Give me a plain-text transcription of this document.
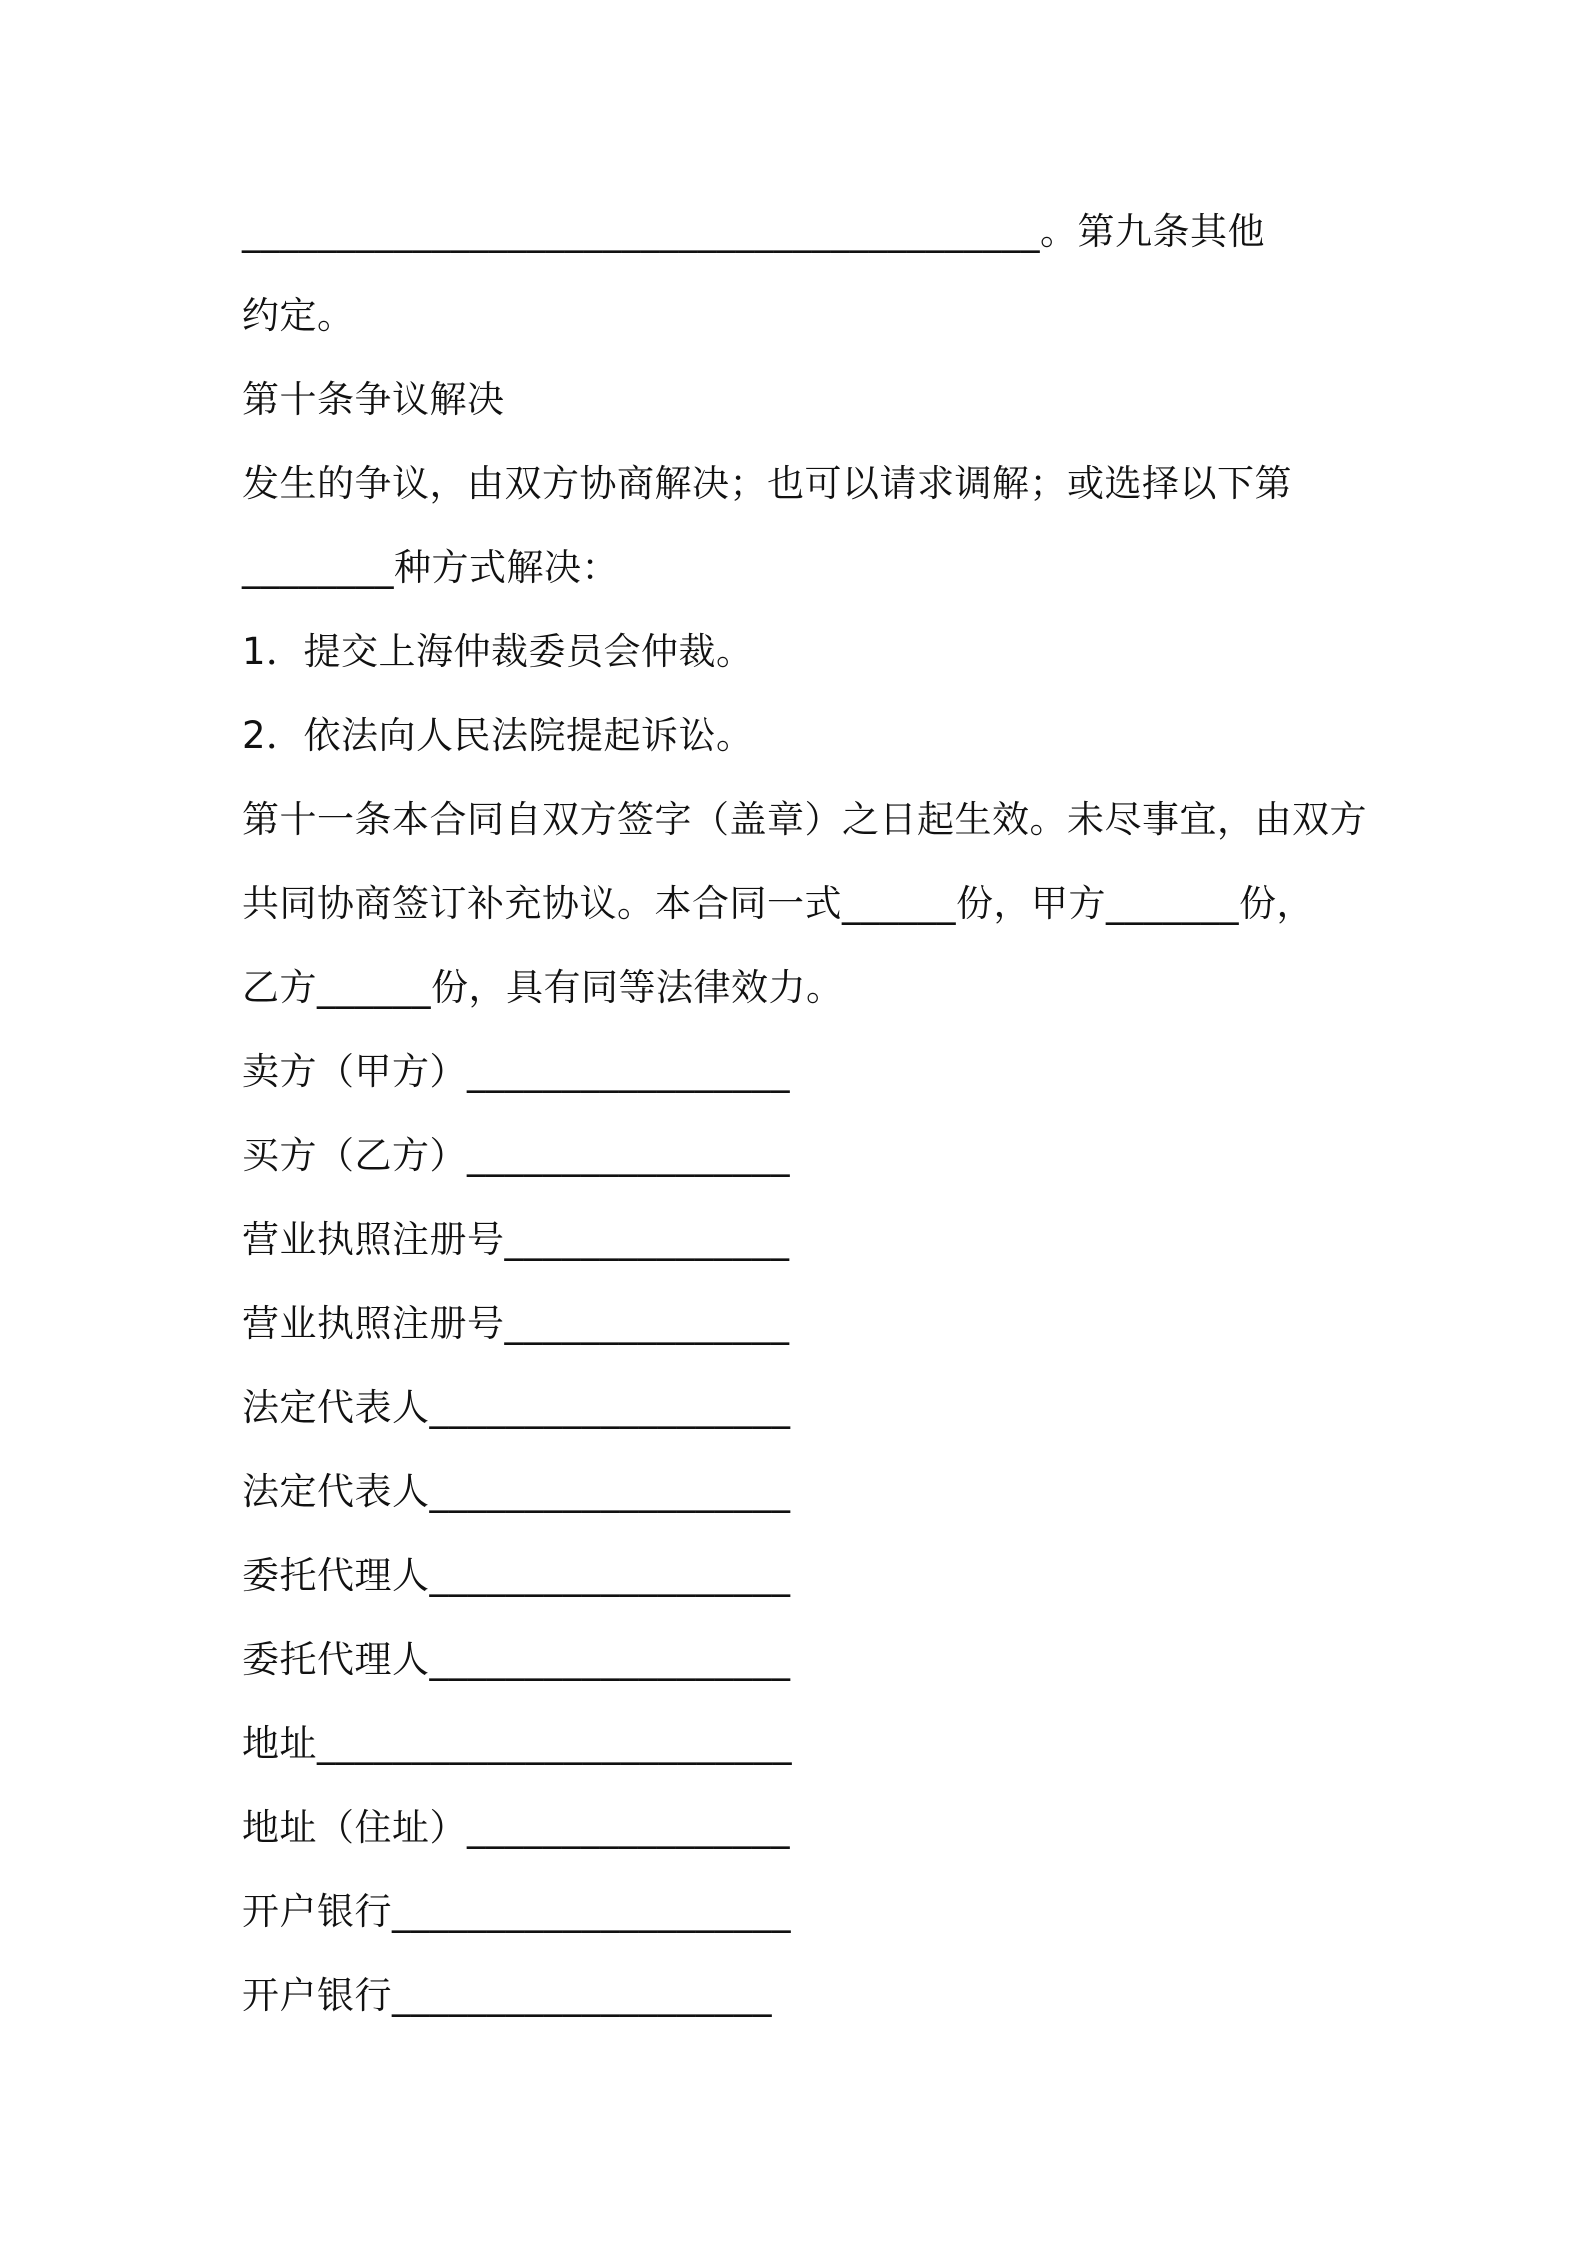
__________________________________________。第九条其他
约定。
第十条争议解决
发生的争议，由双方协商解决；也可以请求调解；或选择以下第
________种方式解决：
1．提交上海仲裁委员会仲裁。
2．依法向人民法院提起诉讼。
第十一条本合同自双方签字（盖章）之日起生效。未尽事宜，由双方
共同协商签订补充协议。本合同一式______份，甲方_______份，
乙方______份，具有同等法律效力。
卖方（甲方）_________________
买方（乙方）_________________
营业执照注册号_______________
营业执照注册号_______________
法定代表人___________________
法定代表人___________________
委托代理人___________________
委托代理人___________________
地址_________________________
地址（住址）_________________
开户银行_____________________
开户银行____________________
